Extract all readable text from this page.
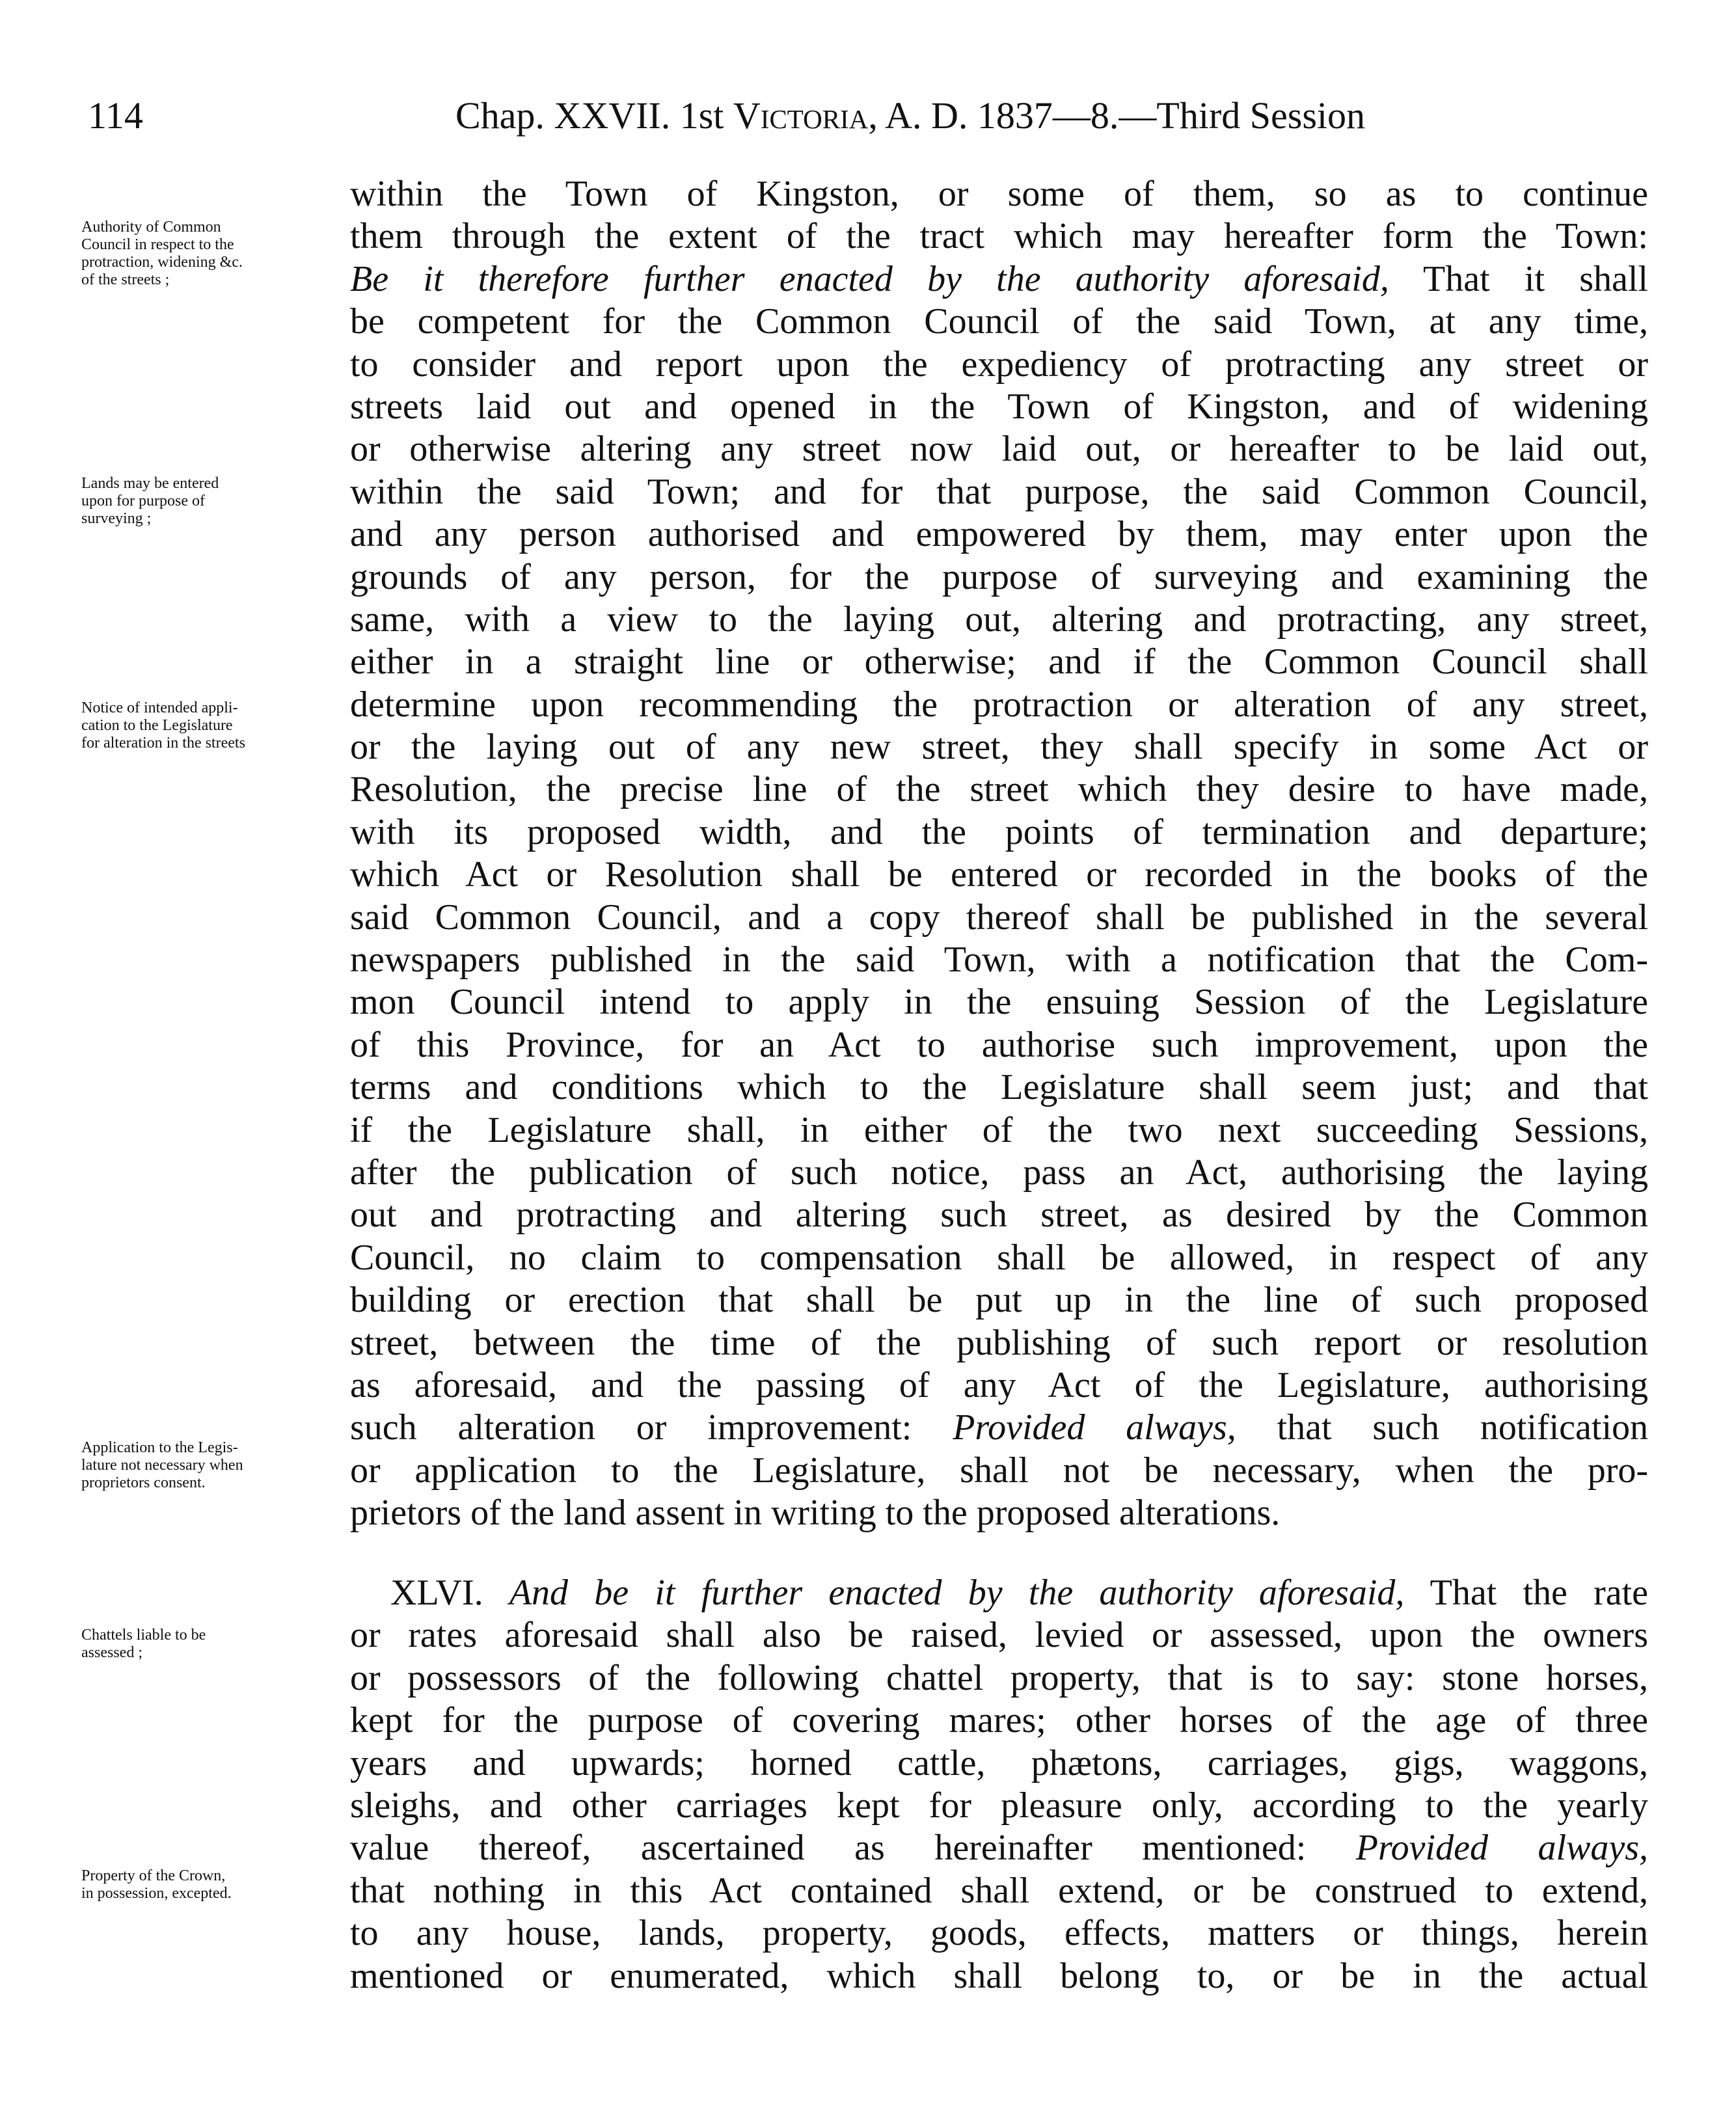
114	Chap. XXVII. 1st Victoria, A. D. 1837—8.—Third Session
Authority of Common
Council in respect to the
protraction, widening &c.
of the streets ;
Lands may be entered
upon for purpose of
surveying ;
Notice of intended appli-
cation to the Legislature
for alteration in the streets
Application to the Legis-
lature not necessary when
proprietors consent.
Chattels liable to be
assessed ;
Property of the Crown,
in possession, excepted.
within the Town of Kingston, or some of them, so as to continue
them through the extent of the tract which may hereafter form the Town:
Be it therefore further enacted by the authority aforesaid, That it shall
be competent for the Common Council of the said Town, at any time,
to consider and report upon the expediency of protracting any street or
streets laid out and opened in the Town of Kingston, and of widening
or otherwise altering any street now laid out, or hereafter to be laid out,
within the said Town; and for that purpose, the said Common Council,
and any person authorised and empowered by them, may enter upon the
grounds of any person, for the purpose of surveying and examining the
same, with a view to the laying out, altering and protracting, any street,
either in a straight line or otherwise; and if the Common Council shall
determine upon recommending the protraction or alteration of any street,
or the laying out of any new street, they shall specify in some Act or
Resolution, the precise line of the street which they desire to have made,
with its proposed width, and the points of termination and departure;
which Act or Resolution shall be entered or recorded in the books of the
said Common Council, and a copy thereof shall be published in the several
newspapers published in the said Town, with a notification that the Com-
mon Council intend to apply in the ensuing Session of the Legislature
of this Province, for an Act to authorise such improvement, upon the
terms and conditions which to the Legislature shall seem just; and that
if the Legislature shall, in either of the two next succeeding Sessions,
after the publication of such notice, pass an Act, authorising the laying
out and protracting and altering such street, as desired by the Common
Council, no claim to compensation shall be allowed, in respect of any
building or erection that shall be put up in the line of such proposed
street, between the time of the publishing of such report or resolution
as aforesaid, and the passing of any Act of the Legislature, authorising
such alteration or improvement: Provided always, that such notification
or application to the Legislature, shall not be necessary, when the pro-
prietors of the land assent in writing to the proposed alterations.
XLVI. And be it further enacted by the authority aforesaid, That the rate
or rates aforesaid shall also be raised, levied or assessed, upon the owners
or possessors of the following chattel property, that is to say: stone horses,
kept for the purpose of covering mares; other horses of the age of three
years and upwards; horned cattle, phætons, carriages, gigs, waggons,
sleighs, and other carriages kept for pleasure only, according to the yearly
value thereof, ascertained as hereinafter mentioned: Provided always,
that nothing in this Act contained shall extend, or be construed to extend,
to any house, lands, property, goods, effects, matters or things, herein
mentioned or enumerated, which shall belong to, or be in the actual
